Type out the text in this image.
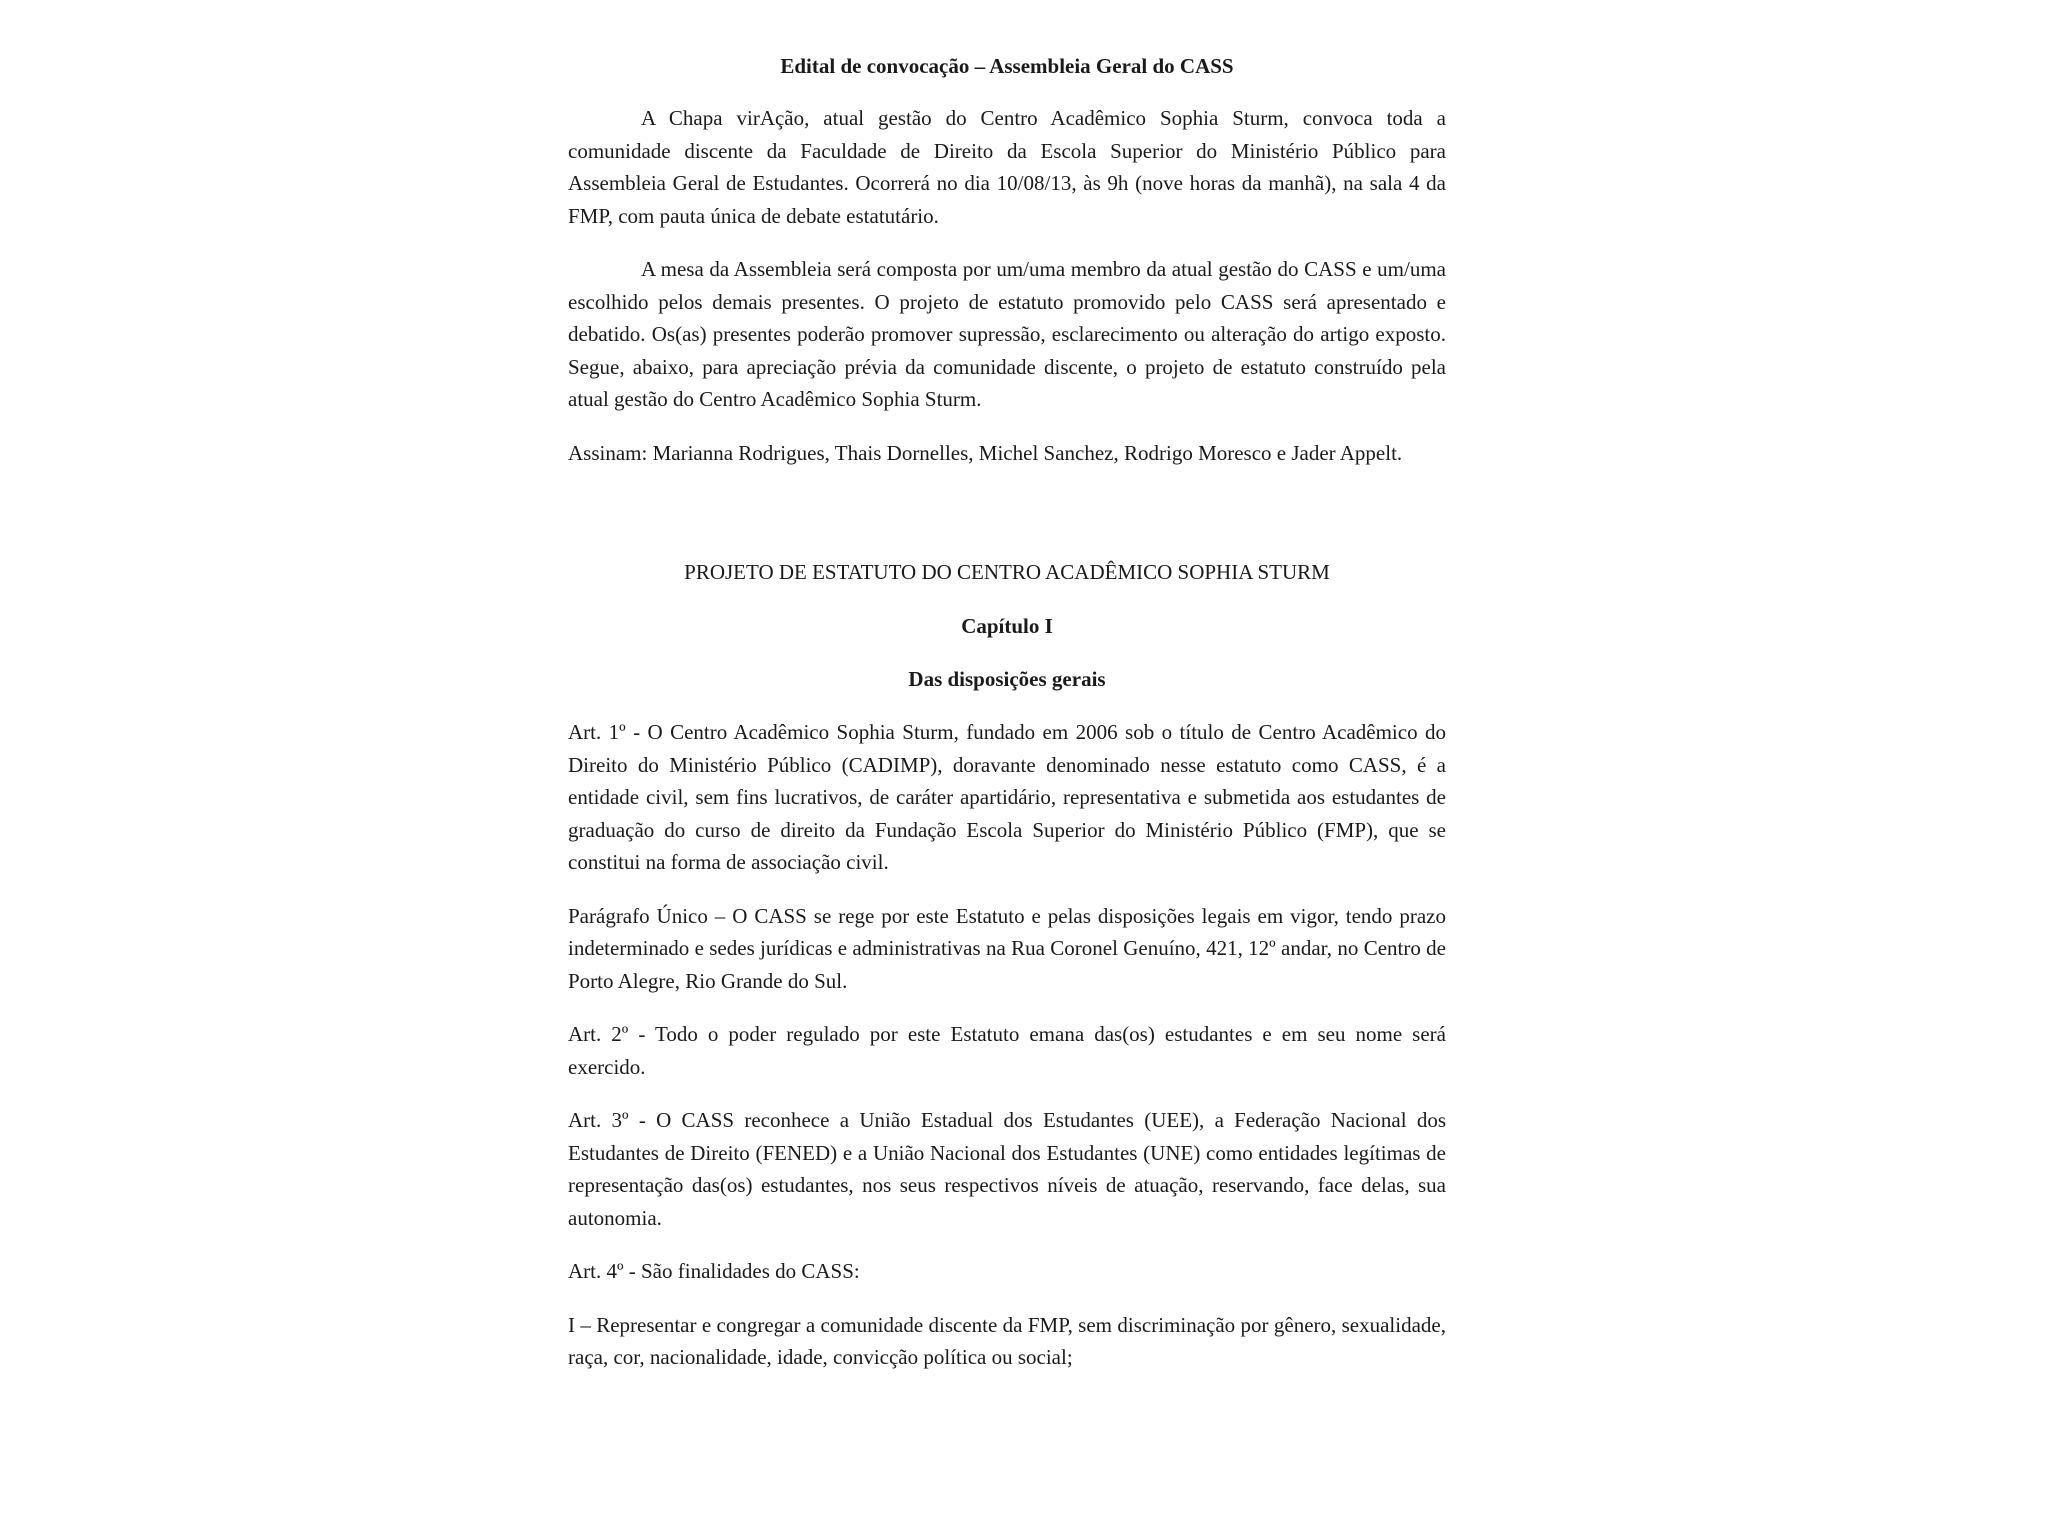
Edital de convocação – Assembleia Geral do CASS

A Chapa virAção, atual gestão do Centro Acadêmico Sophia Sturm, convoca toda a comunidade discente da Faculdade de Direito da Escola Superior do Ministério Público para Assembleia Geral de Estudantes. Ocorrerá no dia 10/08/13, às 9h (nove horas da manhã), na sala 4 da FMP, com pauta única de debate estatutário.

A mesa da Assembleia será composta por um/uma membro da atual gestão do CASS e um/uma escolhido pelos demais presentes. O projeto de estatuto promovido pelo CASS será apresentado e debatido. Os(as) presentes poderão promover supressão, esclarecimento ou alteração do artigo exposto. Segue, abaixo, para apreciação prévia da comunidade discente, o projeto de estatuto construído pela atual gestão do Centro Acadêmico Sophia Sturm.

Assinam: Marianna Rodrigues, Thais Dornelles, Michel Sanchez, Rodrigo Moresco e Jader Appelt.

PROJETO DE ESTATUTO DO CENTRO ACADÊMICO SOPHIA STURM
Capítulo I
Das disposições gerais

Art. 1º - O Centro Acadêmico Sophia Sturm, fundado em 2006 sob o título de Centro Acadêmico do Direito do Ministério Público (CADIMP), doravante denominado nesse estatuto como CASS, é a entidade civil, sem fins lucrativos, de caráter apartidário, representativa e submetida aos estudantes de graduação do curso de direito da Fundação Escola Superior do Ministério Público (FMP), que se constitui na forma de associação civil.

Parágrafo Único – O CASS se rege por este Estatuto e pelas disposições legais em vigor, tendo prazo indeterminado e sedes jurídicas e administrativas na Rua Coronel Genuíno, 421, 12º andar, no Centro de Porto Alegre, Rio Grande do Sul.

Art. 2º - Todo o poder regulado por este Estatuto emana das(os) estudantes e em seu nome será exercido.

Art. 3º - O CASS reconhece a União Estadual dos Estudantes (UEE), a Federação Nacional dos Estudantes de Direito (FENED) e a União Nacional dos Estudantes (UNE) como entidades legítimas de representação das(os) estudantes, nos seus respectivos níveis de atuação, reservando, face delas, sua autonomia.

Art. 4º - São finalidades do CASS:

I – Representar e congregar a comunidade discente da FMP, sem discriminação por gênero, sexualidade, raça, cor, nacionalidade, idade, convicção política ou social;
